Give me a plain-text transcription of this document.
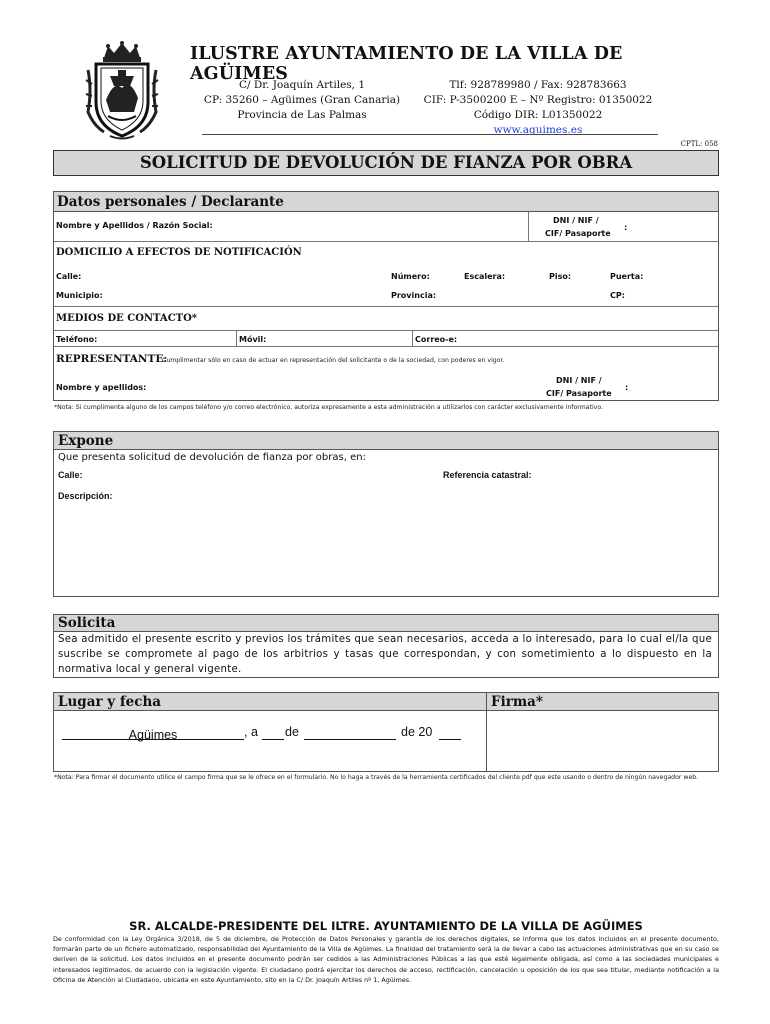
ILUSTRE AYUNTAMIENTO DE LA VILLA DE AGÜIMES
C/ Dr. Joaquín Artiles, 1
CP: 35260 – Agüimes (Gran Canaria)
Provincia de Las Palmas
Tlf: 928789980 / Fax: 928783663
CIF: P-3500200 E – Nº Registro: 01350022
Código DIR: L01350022
www.aguimes.es
CPTL: 058
SOLICITUD DE DEVOLUCIÓN DE FIANZA POR OBRA
Datos personales / Declarante
Nombre y Apellidos / Razón Social:
DNI / NIF /
CIF/ Pasaporte
:
DOMICILIO A EFECTOS DE NOTIFICACIÓN
Calle:	Número:	Escalera:	Piso:	Puerta:
Municipio:	Provincia:	CP:
MEDIOS DE CONTACTO*
Teléfono:	Móvil:	Correo-e:
REPRESENTANTE:
Cumplimentar sólo en caso de actuar en representación del solicitante o de la sociedad, con poderes en vigor.
Nombre y apellidos:
DNI / NIF /
CIF/ Pasaporte
:
*Nota: Si cumplimenta alguno de los campos teléfono y/o correo electrónico, autoriza expresamente a esta administración a utilizarlos con carácter exclusivamente informativo.
Expone
Que presenta solicitud de devolución de fianza por obras, en:
Calle:	Referencia catastral:
Descripción:
Solicita
Sea admitido el presente escrito y previos los trámites que sean necesarios, acceda a lo interesado, para lo cual el/la que suscribe se compromete al pago de los arbitrios y tasas que correspondan, y con sometimiento a lo dispuesto en la normativa local y general vigente.
Lugar y fecha	Firma*
Agüimes	, a de	de 20
*Nota: Para firmar el documento utilice el campo firma que se le ofrece en el formulario. No lo haga a través de la herramienta certificados del cliente pdf que este usando o dentro de ningún navegador web.
SR. ALCALDE-PRESIDENTE DEL ILTRE. AYUNTAMIENTO DE LA VILLA DE AGÜIMES
De conformidad con la Ley Orgánica 3/2018, de 5 de diciembre, de Protección de Datos Personales y garantía de los derechos digitales, se informa que los datos incluidos en el presente documento, formarán parte de un fichero automatizado, responsabilidad del Ayuntamiento de la Villa de Agüimes. La finalidad del tratamiento será la de llevar a cabo las actuaciones administrativas que en su caso se deriven de la solicitud. Los datos incluidos en el presente documento podrán ser cedidos a las Administraciones Públicas a las que esté legalmente obligada, así como a las sociedades municipales e interesados legitimados, de acuerdo con la legislación vigente. El ciudadano podrá ejercitar los derechos de acceso, rectificación, cancelación u oposición de los que sea titular, mediante notificación a la Oficina de Atención al Ciudadano, ubicada en este Ayuntamiento, sito en la C/ Dr. Joaquín Artiles nº 1, Agüimes.
